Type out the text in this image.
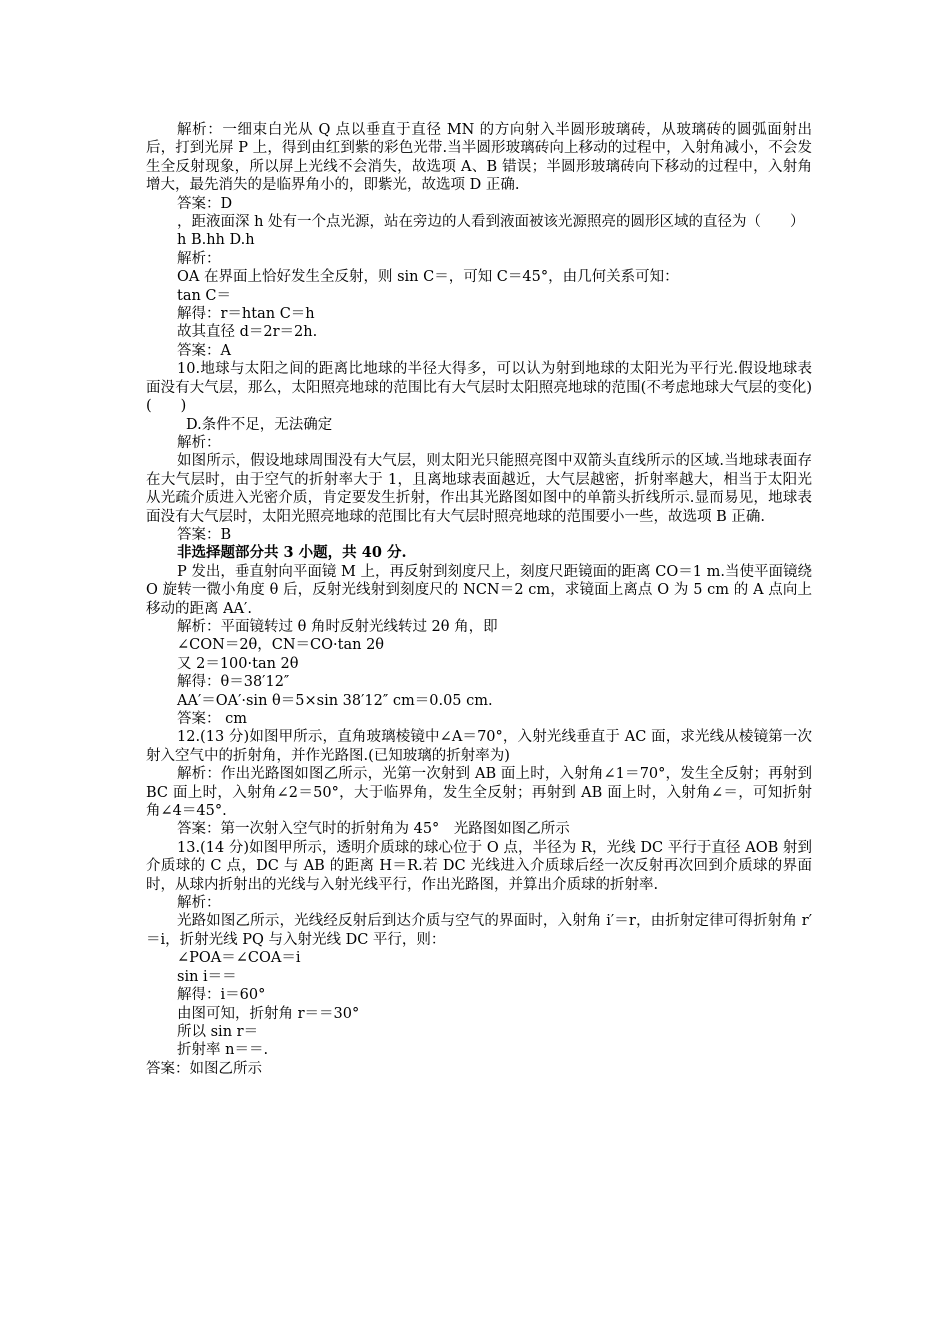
解析：一细束白光从 Q 点以垂直于直径 MN 的方向射入半圆形玻璃砖，从玻璃砖的圆弧面射出后，打到光屏 P 上，得到由红到紫的彩色光带.当半圆形玻璃砖向上移动的过程中，入射角减小，不会发生全反射现象，所以屏上光线不会消失，故选项 A、B 错误；半圆形玻璃砖向下移动的过程中，入射角增大，最先消失的是临界角小的，即紫光，故选项 D 正确.

答案：D

，距液面深 h 处有一个点光源，站在旁边的人看到液面被该光源照亮的圆形区域的直径为（　　）

h B.hh D.h

解析：

OA 在界面上恰好发生全反射，则 sin C＝，可知 C＝45°，由几何关系可知：

tan C＝

解得：r＝htan C＝h

故其直径 d＝2r＝2h.

答案：A

10.地球与太阳之间的距离比地球的半径大得多，可以认为射到地球的太阳光为平行光.假设地球表面没有大气层，那么，太阳照亮地球的范围比有大气层时太阳照亮地球的范围(不考虑地球大气层的变化)　(　　)

D.条件不足，无法确定

解析：

如图所示，假设地球周围没有大气层，则太阳光只能照亮图中双箭头直线所示的区域.当地球表面存在大气层时，由于空气的折射率大于 1，且离地球表面越近，大气层越密，折射率越大，相当于太阳光从光疏介质进入光密介质，肯定要发生折射，作出其光路图如图中的单箭头折线所示.显而易见，地球表面没有大气层时，太阳光照亮地球的范围比有大气层时照亮地球的范围要小一些，故选项 B 正确.

答案：B

非选择题部分共 3 小题，共 40 分.

P 发出，垂直射向平面镜 M 上，再反射到刻度尺上，刻度尺距镜面的距离 CO＝1 m.当使平面镜绕 O 旋转一微小角度 θ 后，反射光线射到刻度尺的 NCN＝2 cm，求镜面上离点 O 为 5 cm 的 A 点向上移动的距离 AA′.

解析：平面镜转过 θ 角时反射光线转过 2θ 角，即

∠CON＝2θ，CN＝CO·tan 2θ

又 2＝100·tan 2θ

解得：θ＝38′12″

AA′＝OA′·sin θ＝5×sin 38′12″ cm＝0.05 cm.

答案： cm

12.(13 分)如图甲所示，直角玻璃棱镜中∠A＝70°，入射光线垂直于 AC 面，求光线从棱镜第一次射入空气中的折射角，并作光路图.(已知玻璃的折射率为)

解析：作出光路图如图乙所示，光第一次射到 AB 面上时，入射角∠1＝70°，发生全反射；再射到 BC 面上时，入射角∠2＝50°，大于临界角，发生全反射；再射到 AB 面上时，入射角∠＝，可知折射角∠4＝45°.

答案：第一次射入空气时的折射角为 45°　光路图如图乙所示

13.(14 分)如图甲所示，透明介质球的球心位于 O 点，半径为 R，光线 DC 平行于直径 AOB 射到介质球的 C 点，DC 与 AB 的距离 H＝R.若 DC 光线进入介质球后经一次反射再次回到介质球的界面时，从球内折射出的光线与入射光线平行，作出光路图，并算出介质球的折射率.

解析：

光路如图乙所示，光线经反射后到达介质与空气的界面时，入射角 i′＝r，由折射定律可得折射角 r′＝i，折射光线 PQ 与入射光线 DC 平行，则：

∠POA＝∠COA＝i

sin i＝＝

解得：i＝60°

由图可知，折射角 r＝＝30°

所以 sin r＝

折射率 n＝＝.

答案：如图乙所示
